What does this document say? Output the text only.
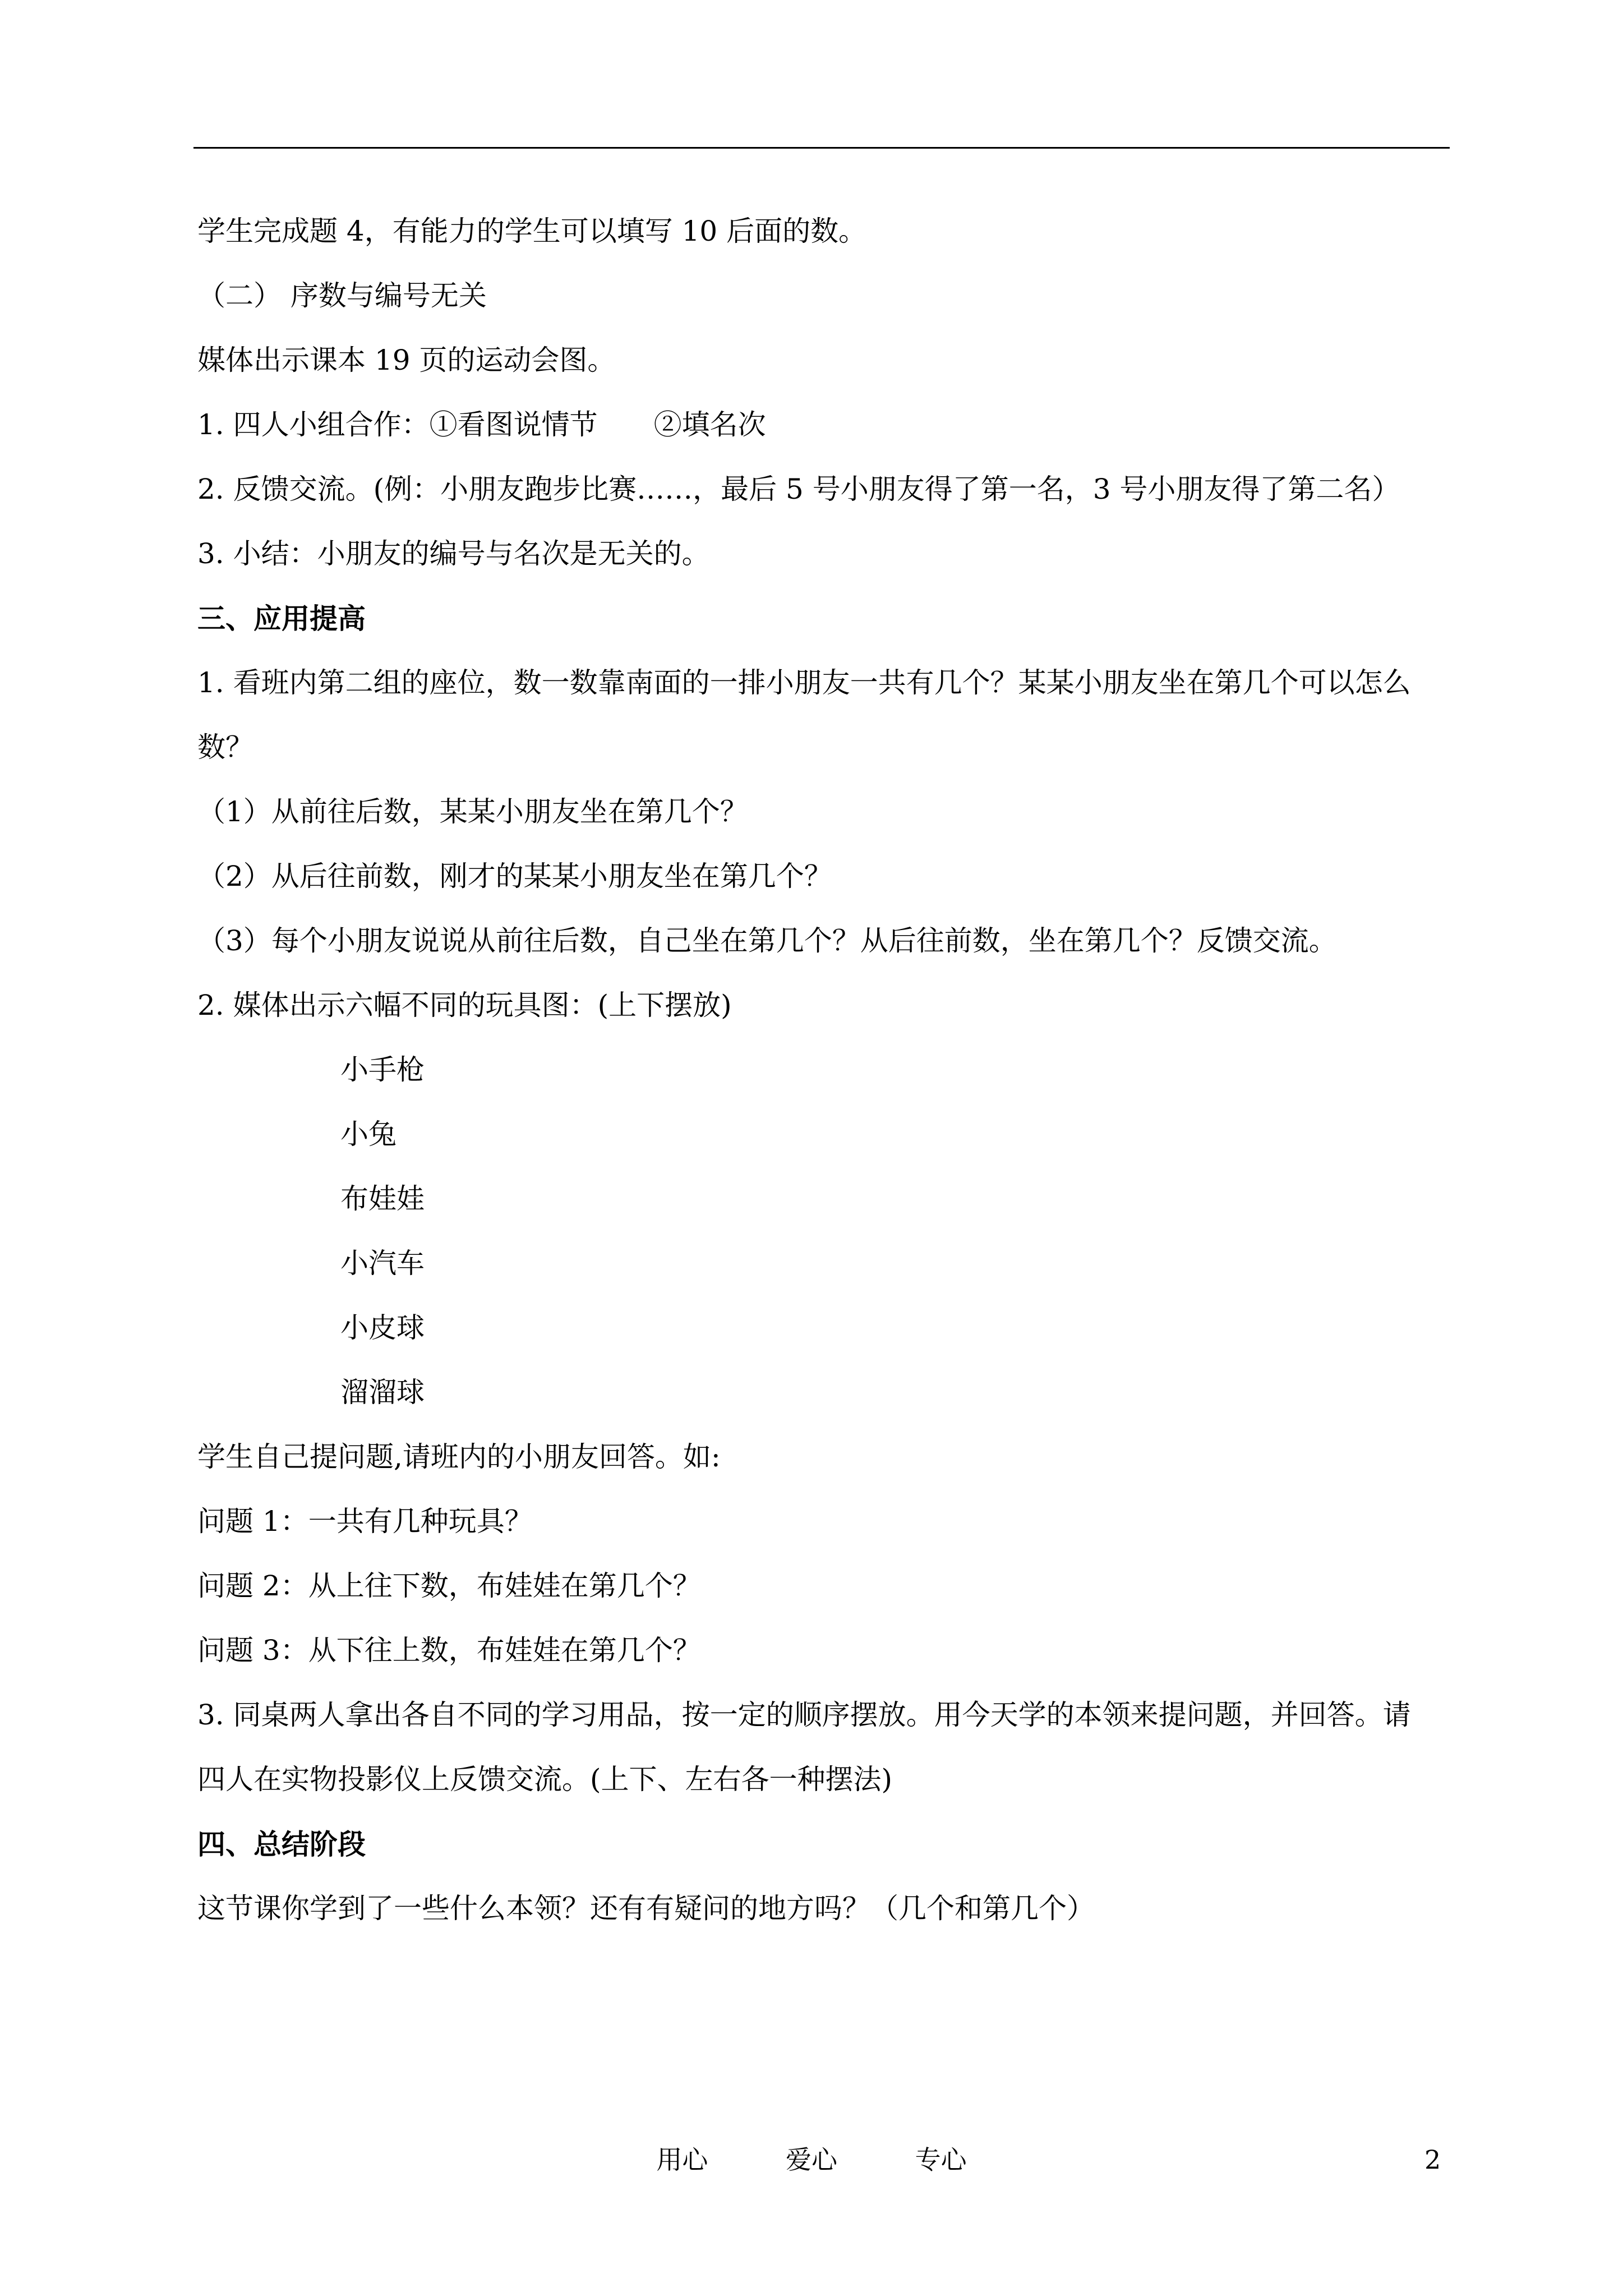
学生完成题 4，有能力的学生可以填写 10 后面的数。
（二） 序数与编号无关
媒体出示课本 19 页的运动会图。
1. 四人小组合作：①看图说情节 ②填名次
2. 反馈交流。(例：小朋友跑步比赛……，最后 5 号小朋友得了第一名，3 号小朋友得了第二名）
3. 小结：小朋友的编号与名次是无关的。
三、应用提高
1. 看班内第二组的座位，数一数靠南面的一排小朋友一共有几个？某某小朋友坐在第几个可以怎么
数？
（1）从前往后数，某某小朋友坐在第几个？
（2）从后往前数，刚才的某某小朋友坐在第几个？
（3）每个小朋友说说从前往后数，自己坐在第几个？从后往前数，坐在第几个？反馈交流。
2. 媒体出示六幅不同的玩具图：(上下摆放)
小手枪
小兔
布娃娃
小汽车
小皮球
溜溜球
学生自己提问题,请班内的小朋友回答。如:
问题 1：一共有几种玩具？
问题 2：从上往下数，布娃娃在第几个？
问题 3：从下往上数，布娃娃在第几个？
3. 同桌两人拿出各自不同的学习用品，按一定的顺序摆放。用今天学的本领来提问题，并回答。请
四人在实物投影仪上反馈交流。(上下、左右各一种摆法)
四、总结阶段
这节课你学到了一些什么本领？还有有疑问的地方吗？（几个和第几个）
用心	爱心	专心	2
